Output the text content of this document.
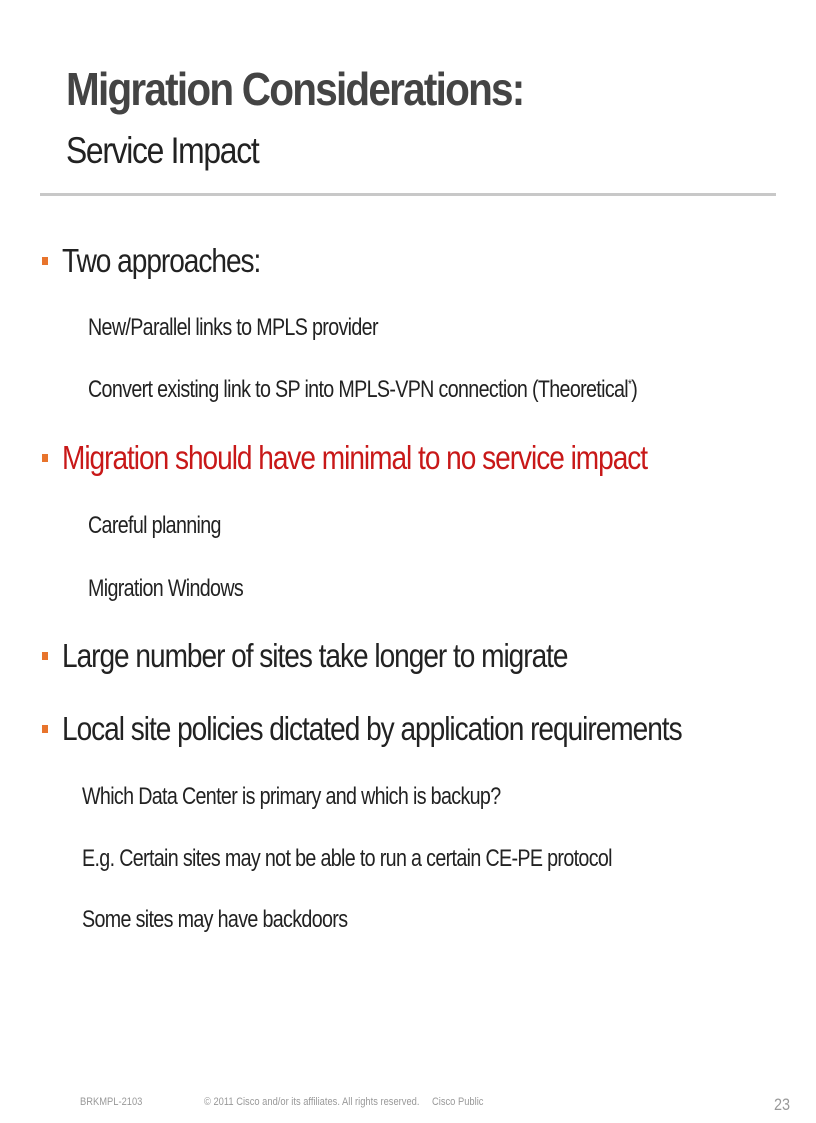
Migration Considerations:
Service Impact
Two approaches:
New/Parallel links to MPLS provider
Convert existing link to SP into MPLS-VPN connection (Theoretical*)
Migration should have minimal to no service impact
Careful planning
Migration Windows
Large number of sites take longer to migrate
Local site policies dictated by application requirements
Which Data Center is primary and which is backup?
E.g. Certain sites may not be able to run a certain CE-PE protocol
Some sites may have backdoors
BRKMPL-2103	© 2011 Cisco and/or its affiliates. All rights reserved. Cisco Public	23
